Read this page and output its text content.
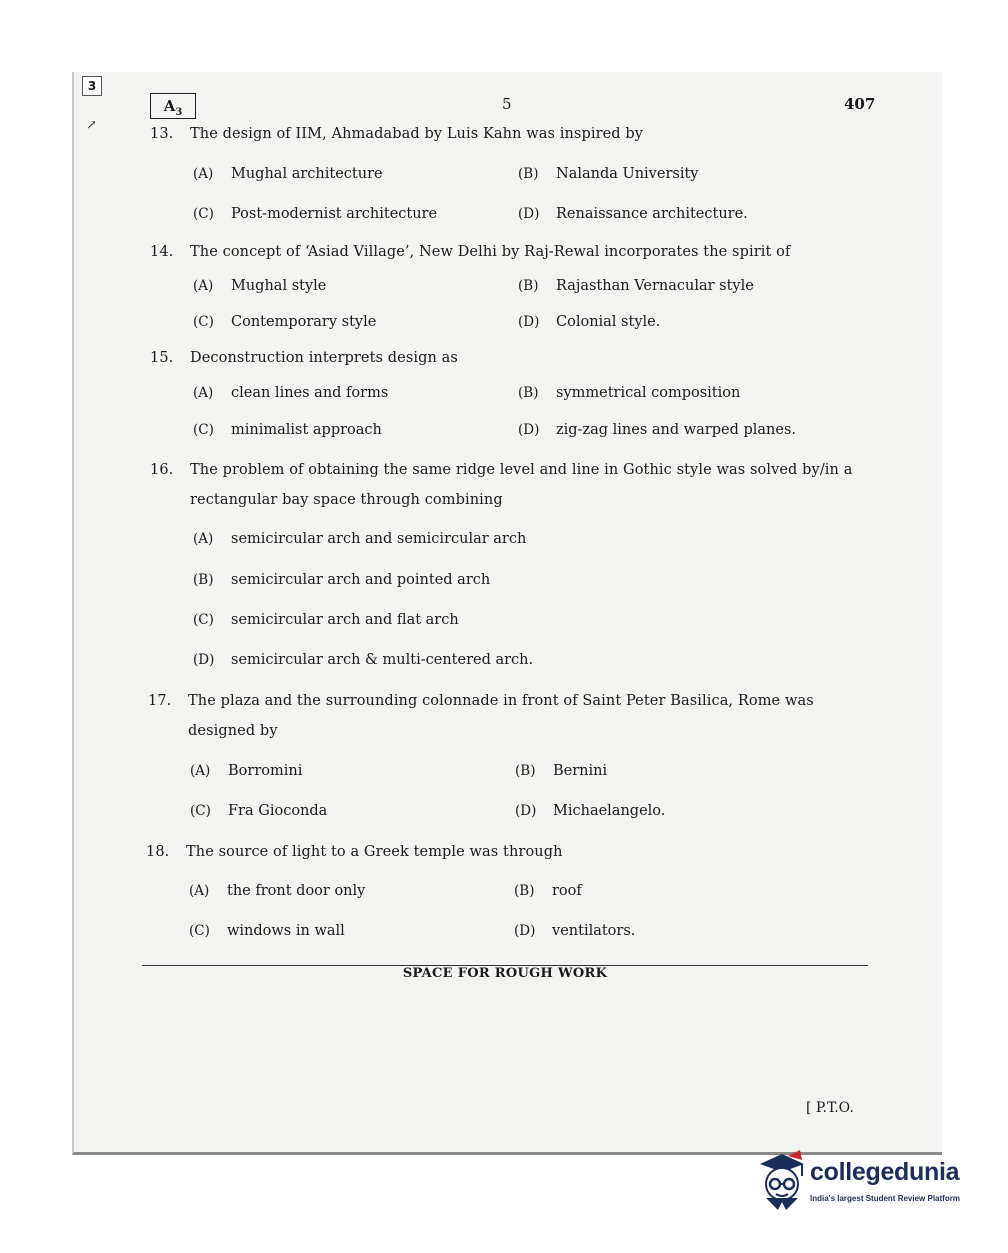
3
↗
$A_3$	5	407
13.	The design of IIM, Ahmadabad by Luis Kahn was inspired by
(A) Mughal architecture	(B) Nalanda University
(C) Post-modernist architecture	(D) Renaissance architecture.
14.	The concept of ‘Asiad Village’, New Delhi by Raj-Rewal incorporates the spirit of
(A) Mughal style	(B) Rajasthan Vernacular style
(C) Contemporary style	(D) Colonial style.
15.	Deconstruction interprets design as
(A) clean lines and forms	(B) symmetrical composition
(C) minimalist approach	(D) zig-zag lines and warped planes.
16.	The problem of obtaining the same ridge level and line in Gothic style was solved by/in a rectangular bay space through combining
(A) semicircular arch and semicircular arch
(B) semicircular arch and pointed arch
(C) semicircular arch and flat arch
(D) semicircular arch & multi-centered arch.
17.	The plaza and the surrounding colonnade in front of Saint Peter Basilica, Rome was designed by
(A) Borromini	(B) Bernini
(C) Fra Gioconda	(D) Michaelangelo.
18.	The source of light to a Greek temple was through
(A) the front door only	(B) roof
(C) windows in wall	(D) ventilators.
SPACE FOR ROUGH WORK
[ P.T.O.
collegedunia
India's largest Student Review Platform
